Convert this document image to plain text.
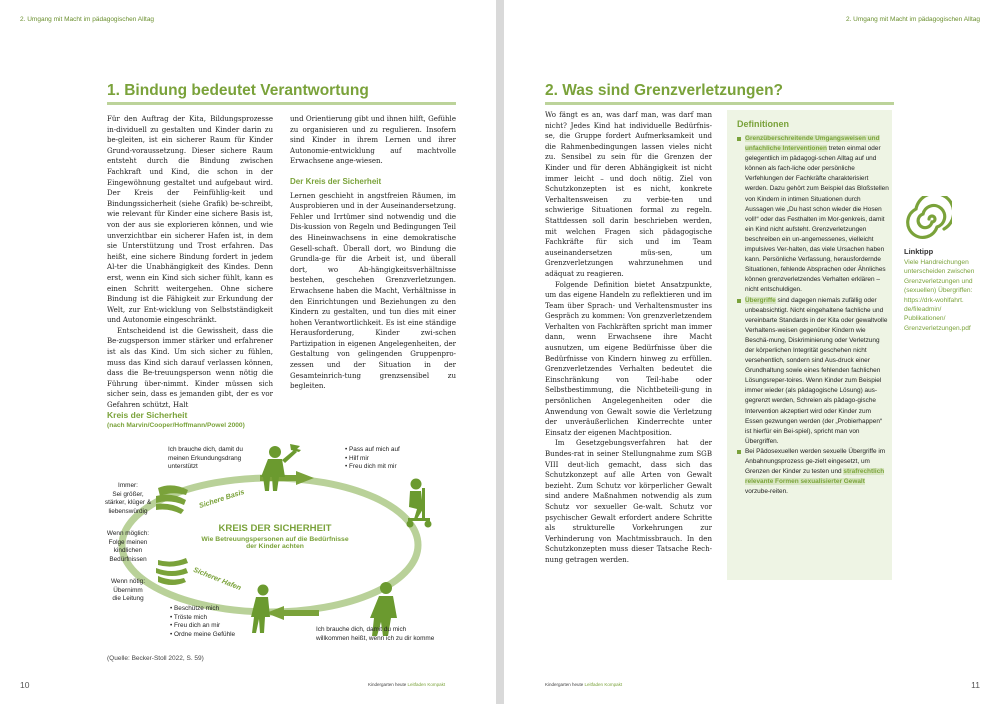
2. Umgang mit Macht im pädagogischen Alltag
1. Bindung bedeutet Verantwortung

Für den Auftrag der Kita, Bildungsprozesse in-dividuell zu gestalten und Kinder darin zu be-gleiten, ist ein sicherer Raum für Kinder Grund-voraussetzung. Dieser sichere Raum entsteht durch die Bindung zwischen Fachkraft und Kind, die schon in der Eingewöhnung gestaltet und aufgebaut wird. Der Kreis der Feinfühlig-keit und Bindungssicherheit (siehe Grafik) be-schreibt, wie relevant für Kinder eine sichere Basis ist, von der aus sie explorieren können, und wie unverzichtbar ein sicherer Hafen ist, in dem sie Unterstützung und Trost erfahren. Das heißt, eine sichere Bindung fordert in jedem Al-ter die Unabhängigkeit des Kindes. Denn erst, wenn ein Kind sich sicher fühlt, kann es einen Schritt weitergehen. Ohne sichere Bindung ist die Fähigkeit zur Erkundung der Welt, zur Ent-wicklung von Selbstständigkeit und Autonomie eingeschränkt.

Entscheidend ist die Gewissheit, dass die Be-zugsperson immer stärker und erfahrener ist als das Kind. Um sich sicher zu fühlen, muss das Kind sich darauf verlassen können, dass die Be-treuungsperson wenn nötig die Führung über-nimmt. Kinder müssen sich sicher sein, dass es jemanden gibt, der es vor Gefahren schützt, Halt

und Orientierung gibt und ihnen hilft, Gefühle zu organisieren und zu regulieren. Insofern sind Kinder in ihrem Lernen und ihrer Autonomie-entwicklung auf machtvolle Erwachsene ange-wiesen.

Der Kreis der Sicherheit

Lernen geschieht in angstfreien Räumen, im Ausprobieren und in der Auseinandersetzung. Fehler und Irrtümer sind notwendig und die Dis-kussion von Regeln und Bedingungen Teil des Hineinwachsens in eine demokratische Gesell-schaft. Überall dort, wo Bindung die Grundla-ge für die Arbeit ist, und überall dort, wo Ab-hängigkeitsverhältnisse bestehen, geschehen Grenzverletzungen. Erwachsene haben die Macht, Verhältnisse in den Einrichtungen und Beziehungen zu den Kindern zu gestalten, und tun dies mit einer hohen Verantwortlichkeit. Es ist eine ständige Herausforderung, Kinder zwi-schen Partizipation in eigenen Angelegenheiten, der Gestaltung von gelingenden Gruppenpro-zessen und der Situation in der Gesamteinrich-tung grenzsensibel zu begleiten.

Kreis der Sicherheit
(nach Marvin/Cooper/Hoffmann/Powel 2000)
Sichere Basis
Sicherer Hafen
KREIS DER SICHERHEIT
Wie Betreuungspersonen auf die Bedürfnisse
der Kinder achten
Ich brauche dich, damit du
meinen Erkundungsdrang
unterstützt
• Pass auf mich auf
• Hilf mir
• Freu dich mit mir
Immer:
Sei größer,
stärker, klüger &
liebenswürdig
Wenn möglich:
Folge meinen
kindlichen
Bedürfnissen
Wenn nötig:
Übernimm
die Leitung
• Beschütze mich
• Tröste mich
• Freu dich an mir
• Ordne meine Gefühle
Ich brauche dich, damit du mich
willkommen heißt, wenn ich zu dir komme
(Quelle: Becker-Stoll 2022, S. 59)
10	Kindergarten heute Leitfaden Kompakt
2. Umgang mit Macht im pädagogischen Alltag
2. Was sind Grenzverletzungen?

Wo fängt es an, was darf man, was darf man nicht? Jedes Kind hat individuelle Bedürfnis-se, die Gruppe fordert Aufmerksamkeit und die Rahmenbedingungen lassen vieles nicht zu. Sensibel zu sein für die Grenzen der Kinder und für deren Abhängigkeit ist nicht immer leicht – und doch nötig. Ziel von Schutzkonzepten ist es nicht, konkrete Verhaltensweisen zu verbie-ten und schwierige Situationen formal zu regeln. Stattdessen soll darin beschrieben werden, mit welchen Fragen sich pädagogische Fachkräfte für sich und im Team auseinandersetzen müs-sen, um Grenzverletzungen wahrzunehmen und adäquat zu reagieren.

Folgende Definition bietet Ansatzpunkte, um das eigene Handeln zu reflektieren und im Team über Sprach- und Verhaltensmuster ins Gespräch zu kommen: Von grenzverletzendem Verhalten von Fachkräften spricht man immer dann, wenn Erwachsene ihre Macht ausnutzen, um eigene Bedürfnisse über die Bedürfnisse von Kindern hinweg zu erfüllen. Grenzverletzendes Verhalten bedeutet die Einschränkung von Teil-habe oder Selbstbestimmung, die Nichtbeteili-gung in persönlichen Angelegenheiten oder die Anwendung von Gewalt sowie die Verletzung der unveräußerlichen Kinderrechte unter Einsatz der eigenen Machtposition.

Im Gesetzgebungsverfahren hat der Bundes-rat in seiner Stellungnahme zum SGB VIII deut-lich gemacht, dass sich das Schutzkonzept auf alle Arten von Gewalt bezieht. Zum Schutz vor körperlicher Gewalt sind andere Maßnahmen notwendig als zum Schutz vor sexueller Ge-walt. Schutz vor psychischer Gewalt erfordert andere Schritte als strukturelle Vorkehrungen zur Verhinderung von Machtmissbrauch. In den Schutzkonzepten muss dieser Tatsache Rech-nung getragen werden.

Definitionen
Grenzüberschreitende Umgangsweisen und unfachliche Interventionen treten einmal oder gelegentlich im pädagogi-schen Alltag auf und können als fach-liche oder persönliche Verfehlungen der Fachkräfte charakterisiert werden. Dazu gehört zum Beispiel das Bloßstellen von Kindern in intimen Situationen durch Aussagen wie „Du hast schon wieder die Hosen voll!“ oder das Festhalten im Mor-genkreis, damit ein Kind nicht aufsteht. Grenzverletzungen beschreiben ein un-angemessenes, vielleicht impulsives Ver-halten, das viele Ursachen haben kann. Persönliche Verfassung, herausfordernde Situationen, fehlende Absprachen oder Ähnliches können grenzverletzendes Verhalten erklären – nicht entschuldigen.
Übergriffe sind dagegen niemals zufällig oder unbeabsichtigt. Nicht eingehaltene fachliche und vereinbarte Standards in der Kita oder gewaltvolle Verhaltens-weisen gegenüber Kindern wie Beschä-mung, Diskriminierung oder Verletzung der körperlichen Integrität geschehen nicht versehentlich, sondern sind Aus-druck einer Grundhaltung sowie eines fehlenden fachlichen Lösungsreper-toires. Wenn Kinder zum Beispiel immer wieder (als pädagogische Lösung) aus-gegrenzt werden, Schreien als pädago-gische Intervention akzeptiert wird oder Kinder zum Essen gezwungen werden (der „Probierhappen“ ist hierfür ein Bei-spiel), spricht man von Übergriffen.
Bei Pädosexuellen werden sexuelle Übergriffe im Anbahnungsprozess ge-zielt eingesetzt, um Grenzen der Kinder zu testen und strafrechtlich relevante Formen sexualisierter Gewalt vorzube-reiten.
Linktipp
Viele Handreichungen
unterscheiden zwischen
Grenzverletzungen und
(sexuellen) Übergriffen:
https://drk-wohlfahrt.
de/fileadmin/
Publikationen/
Grenzverletzungen.pdf
Kindergarten heute Leitfaden Kompakt	11
